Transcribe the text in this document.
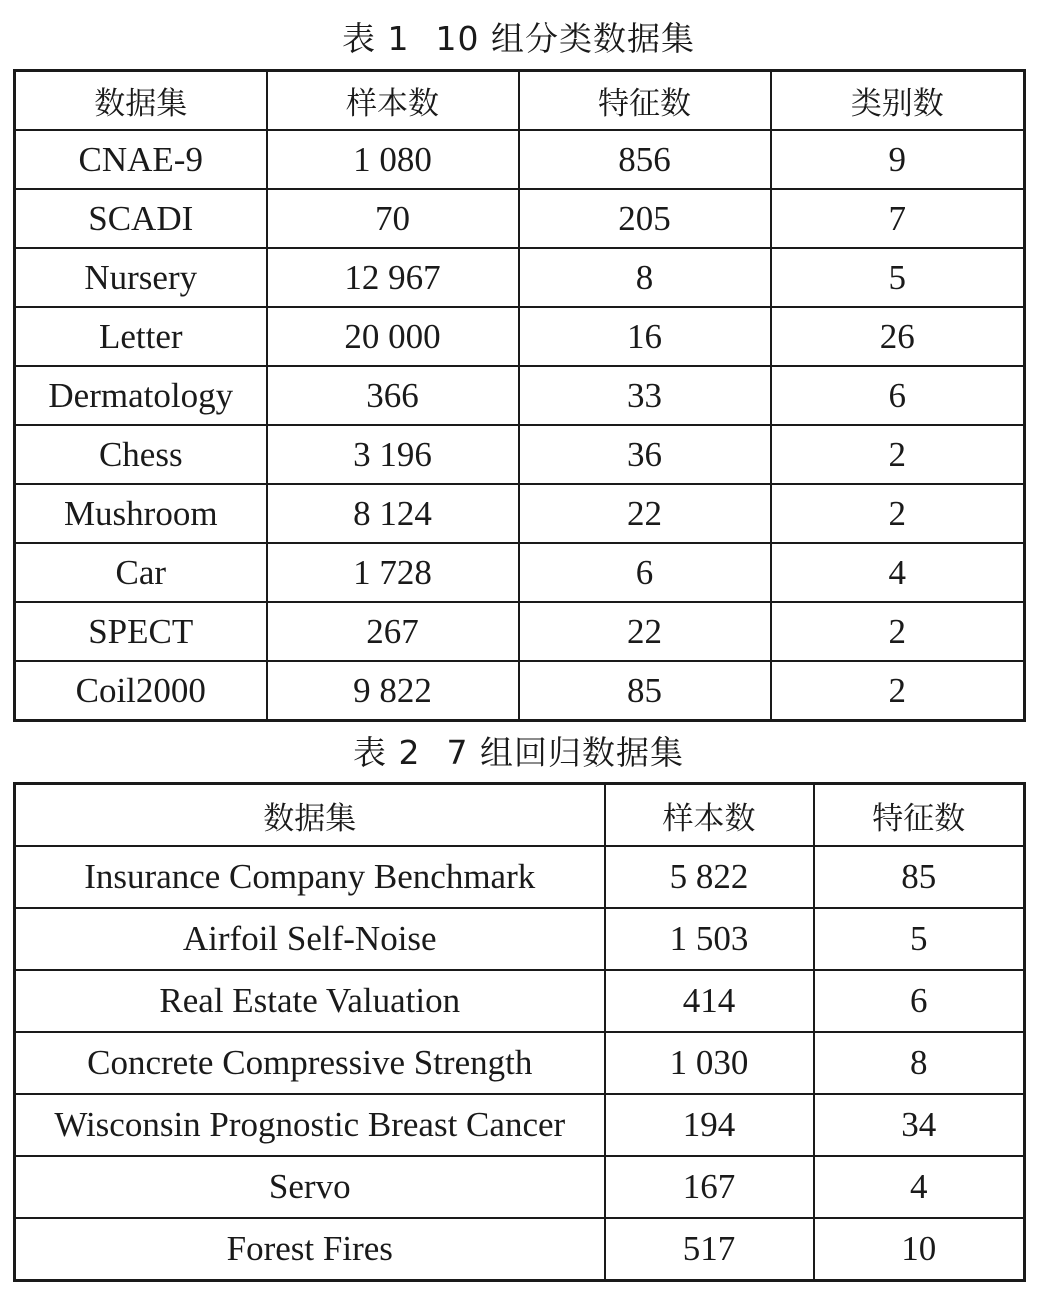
表 1 10 组分类数据集
数据集	样本数	特征数	类别数
CNAE-9	1 080	856	9
SCADI	70	205	7
Nursery	12 967	8	5
Letter	20 000	16	26
Dermatology	366	33	6
Chess	3 196	36	2
Mushroom	8 124	22	2
Car	1 728	6	4
SPECT	267	22	2
Coil2000	9 822	85	2
表 2 7 组回归数据集
数据集	样本数	特征数
Insurance Company Benchmark	5 822	85
Airfoil Self-Noise	1 503	5
Real Estate Valuation	414	6
Concrete Compressive Strength	1 030	8
Wisconsin Prognostic Breast Cancer	194	34
Servo	167	4
Forest Fires	517	10
